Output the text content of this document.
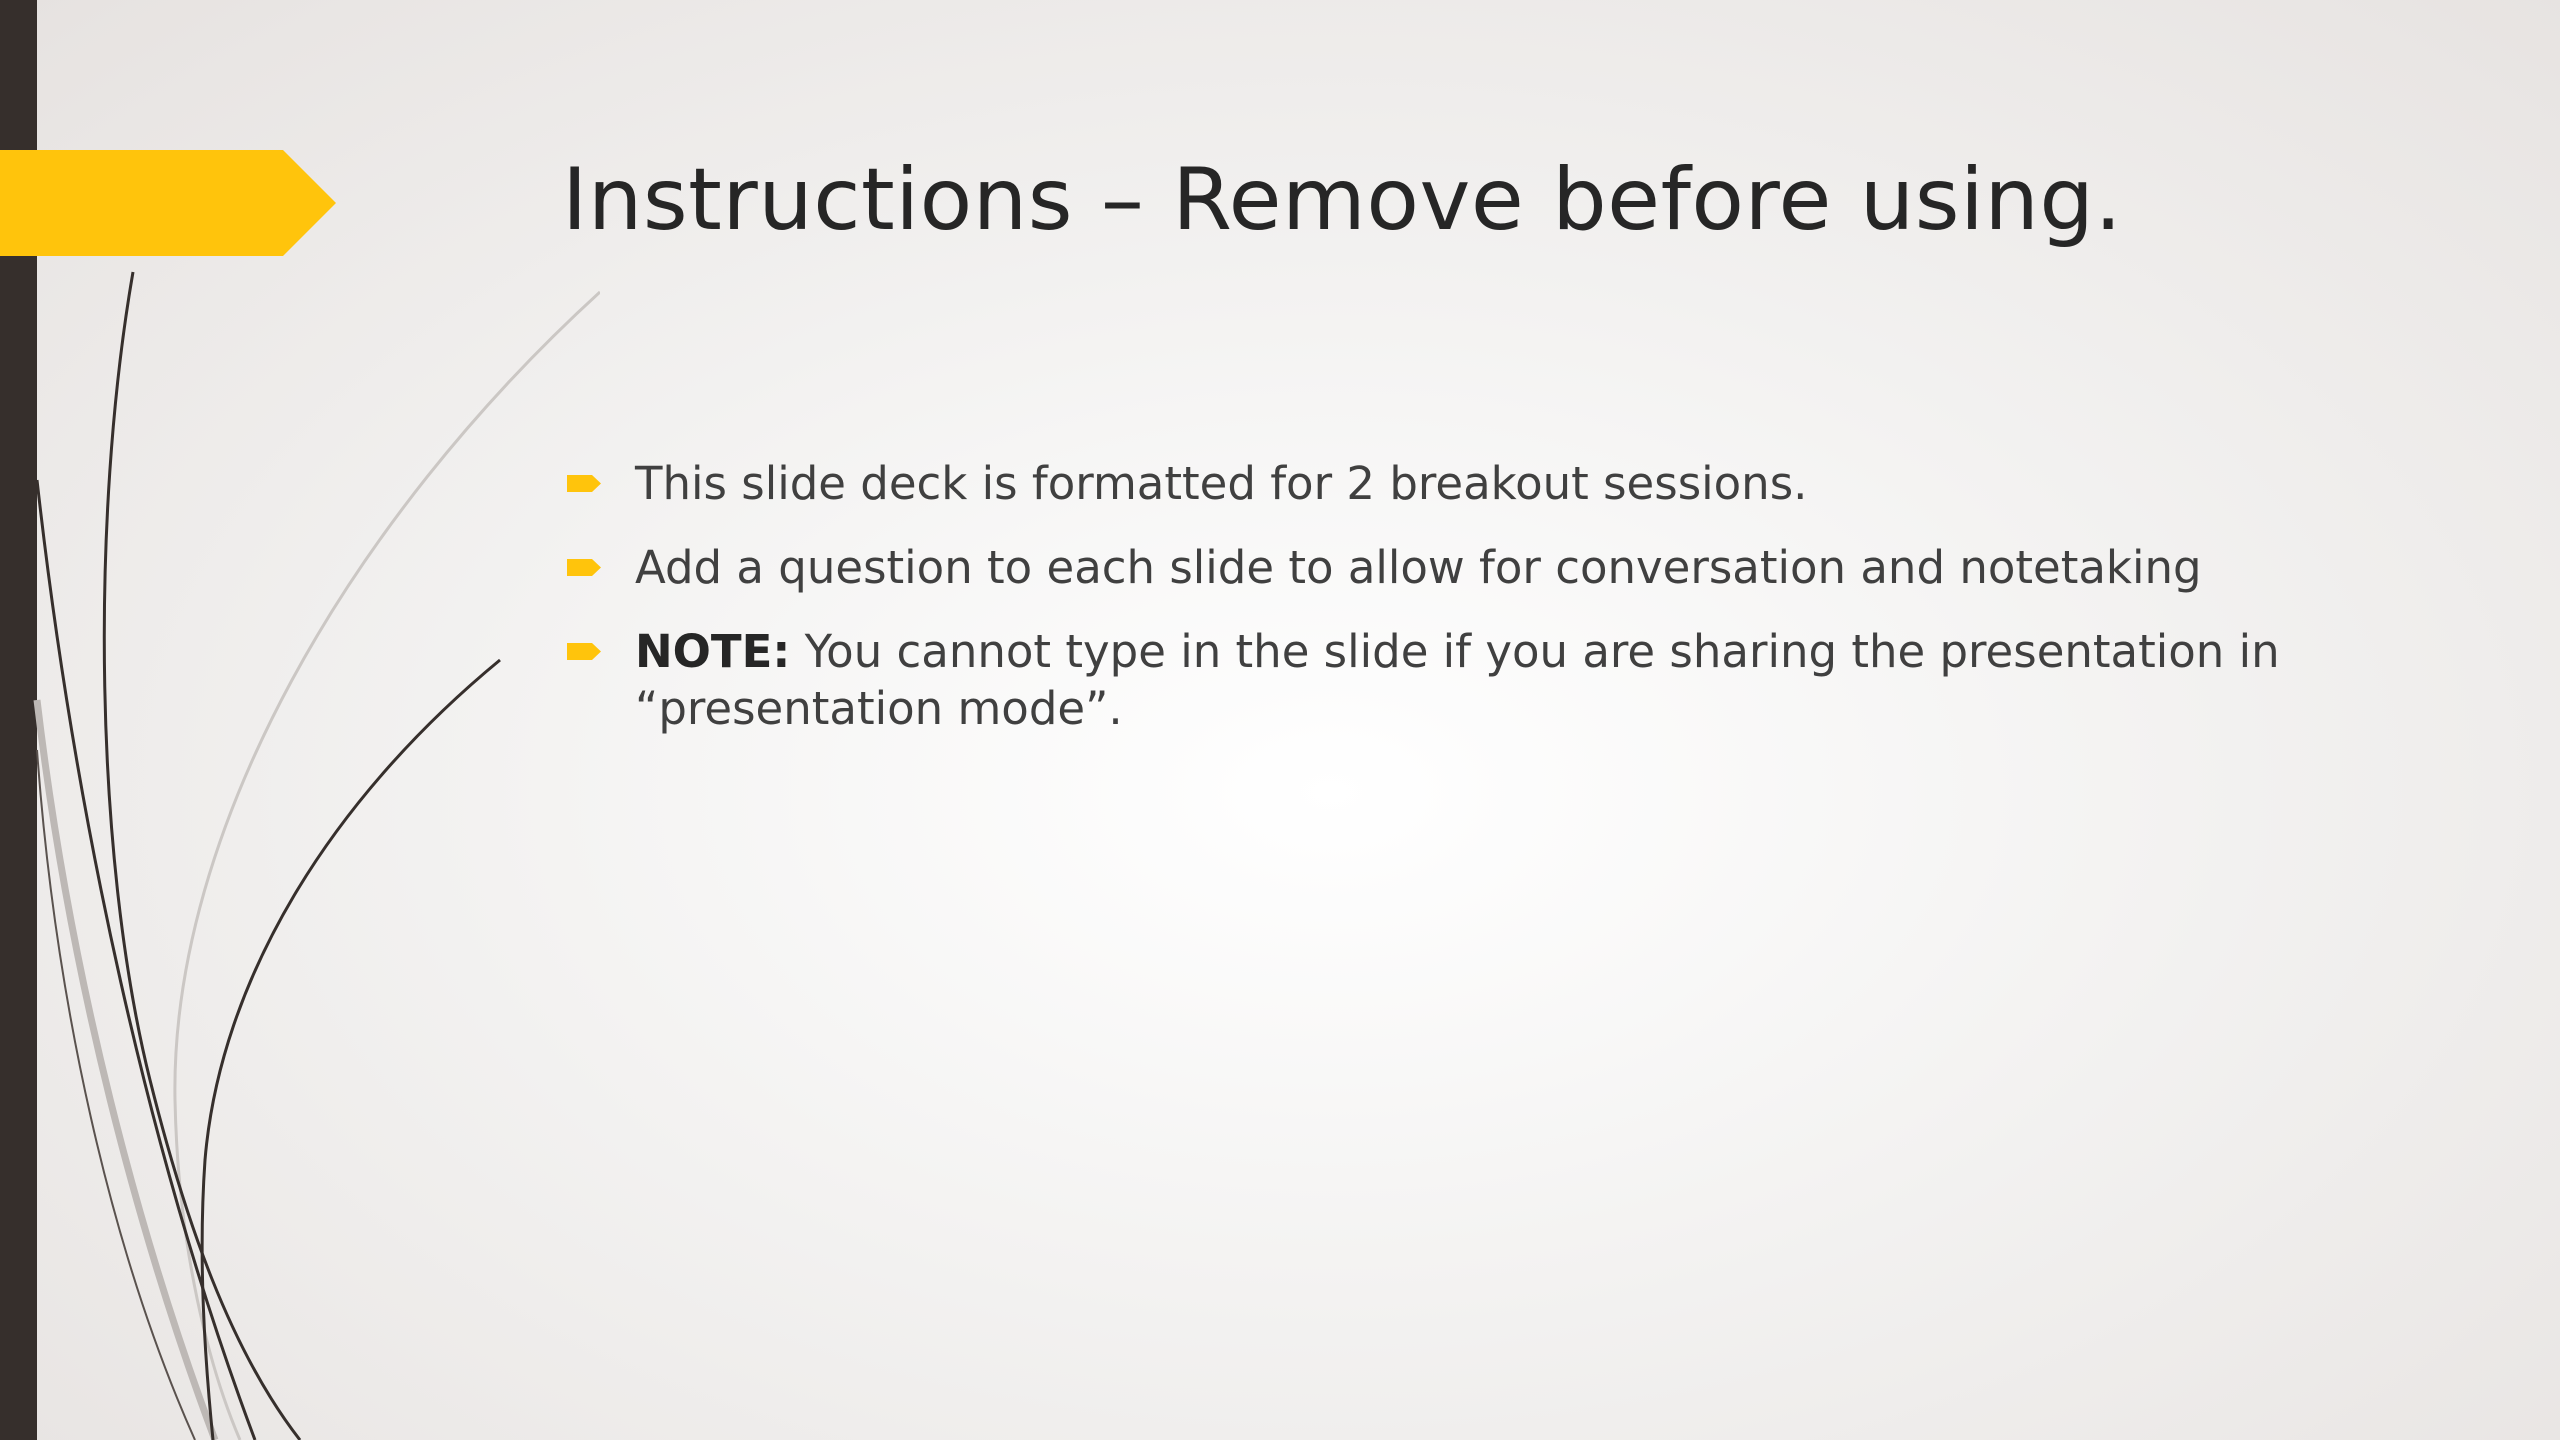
Instructions – Remove before using.
This slide deck is formatted for 2 breakout sessions.
Add a question to each slide to allow for conversation and notetaking
NOTE: You cannot type in the slide if you are sharing the presentation in “presentation mode”.
